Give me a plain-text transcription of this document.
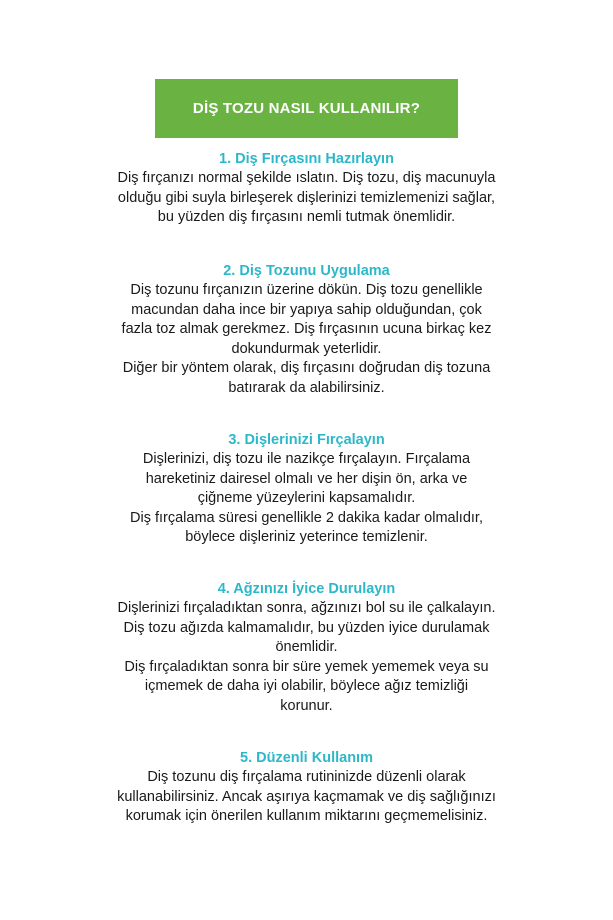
DİŞ TOZU NASIL KULLANILIR?

1. Diş Fırçasını Hazırlayın

Diş fırçanızı normal şekilde ıslatın. Diş tozu, diş macunuyla

olduğu gibi suyla birleşerek dişlerinizi temizlemenizi sağlar,

bu yüzden diş fırçasını nemli tutmak önemlidir.

2. Diş Tozunu Uygulama

Diş tozunu fırçanızın üzerine dökün. Diş tozu genellikle

macundan daha ince bir yapıya sahip olduğundan, çok

fazla toz almak gerekmez. Diş fırçasının ucuna birkaç kez

dokundurmak yeterlidir.

Diğer bir yöntem olarak, diş fırçasını doğrudan diş tozuna

batırarak da alabilirsiniz.

3. Dişlerinizi Fırçalayın

Dişlerinizi, diş tozu ile nazikçe fırçalayın. Fırçalama

hareketiniz dairesel olmalı ve her dişin ön, arka ve

çiğneme yüzeylerini kapsamalıdır.

Diş fırçalama süresi genellikle 2 dakika kadar olmalıdır,

böylece dişleriniz yeterince temizlenir.

4. Ağzınızı İyice Durulayın

Dişlerinizi fırçaladıktan sonra, ağzınızı bol su ile çalkalayın.

Diş tozu ağızda kalmamalıdır, bu yüzden iyice durulamak

önemlidir.

Diş fırçaladıktan sonra bir süre yemek yememek veya su

içmemek de daha iyi olabilir, böylece ağız temizliği

korunur.

5. Düzenli Kullanım

Diş tozunu diş fırçalama rutininizde düzenli olarak

kullanabilirsiniz. Ancak aşırıya kaçmamak ve diş sağlığınızı

korumak için önerilen kullanım miktarını geçmemelisiniz.
